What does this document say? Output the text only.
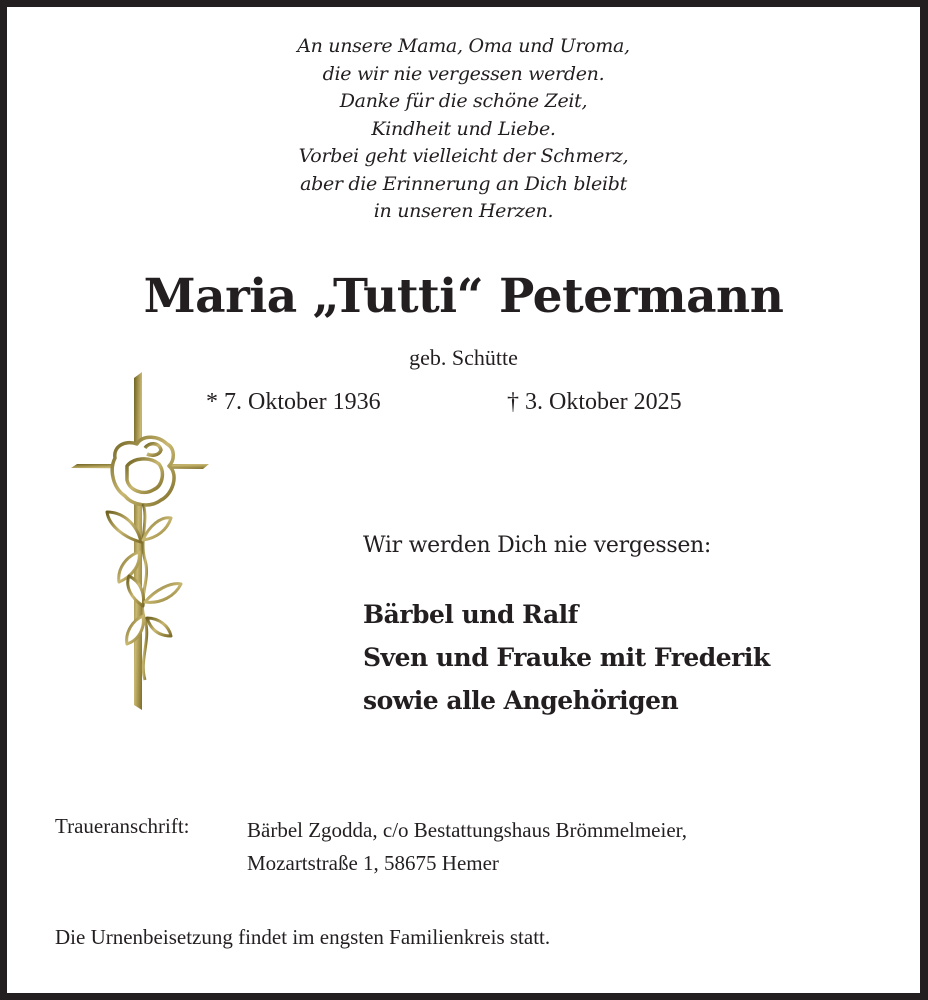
An unsere Mama, Oma und Uroma,
die wir nie vergessen werden.
Danke für die schöne Zeit,
Kindheit und Liebe.
Vorbei geht vielleicht der Schmerz,
aber die Erinnerung an Dich bleibt
in unseren Herzen.
Maria „Tutti“ Petermann
geb. Schütte
* 7. Oktober 1936	† 3. Oktober 2025
Wir werden Dich nie vergessen:
Bärbel und Ralf
Sven und Frauke mit Frederik
sowie alle Angehörigen
Traueranschrift:	Bärbel Zgodda, c/o Bestattungshaus Brömmelmeier,
Mozartstraße 1, 58675 Hemer
Die Urnenbeisetzung findet im engsten Familienkreis statt.
